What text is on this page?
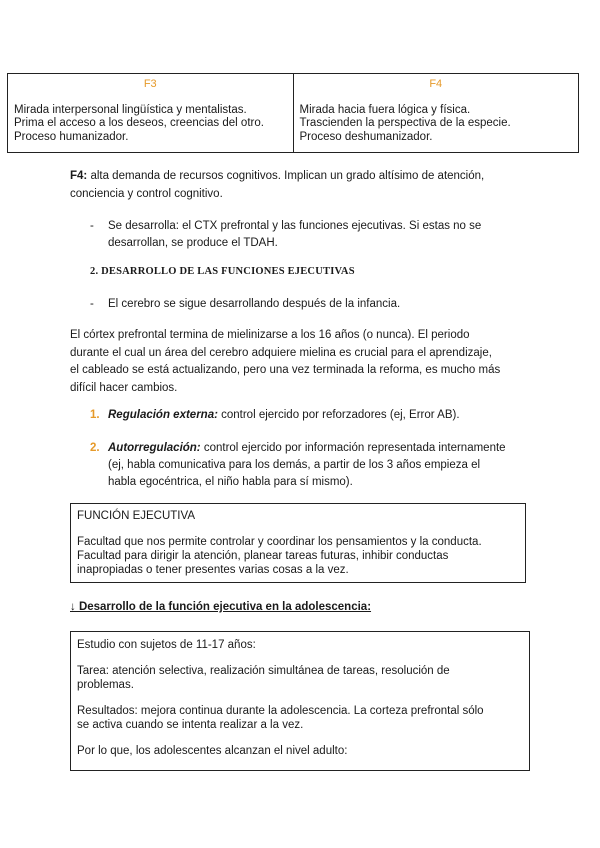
F3
Mirada interpersonal lingüística y mentalistas.
Prima el acceso a los deseos, creencias del otro.
Proceso humanizador.
F4
Mirada hacia fuera lógica y física.
Trascienden la perspectiva de la especie.
Proceso deshumanizador.
F4: alta demanda de recursos cognitivos. Implican un grado altísimo de atención,
conciencia y control cognitivo.
- Se desarrolla: el CTX prefrontal y las funciones ejecutivas. Si estas no se
desarrollan, se produce el TDAH.
2. DESARROLLO DE LAS FUNCIONES EJECUTIVAS
- El cerebro se sigue desarrollando después de la infancia.
El córtex prefrontal termina de mielinizarse a los 16 años (o nunca). El periodo
durante el cual un área del cerebro adquiere mielina es crucial para el aprendizaje,
el cableado se está actualizando, pero una vez terminada la reforma, es mucho más
difícil hacer cambios.
1. Regulación externa: control ejercido por reforzadores (ej, Error AB).
2. Autorregulación: control ejercido por información representada internamente
(ej, habla comunicativa para los demás, a partir de los 3 años empieza el
habla egocéntrica, el niño habla para sí mismo).
FUNCIÓN EJECUTIVA
Facultad que nos permite controlar y coordinar los pensamientos y la conducta.
Facultad para dirigir la atención, planear tareas futuras, inhibir conductas
inapropiadas o tener presentes varias cosas a la vez.
↓ Desarrollo de la función ejecutiva en la adolescencia:
Estudio con sujetos de 11-17 años:
Tarea: atención selectiva, realización simultánea de tareas, resolución de
problemas.
Resultados: mejora continua durante la adolescencia. La corteza prefrontal sólo
se activa cuando se intenta realizar a la vez.
Por lo que, los adolescentes alcanzan el nivel adulto:
